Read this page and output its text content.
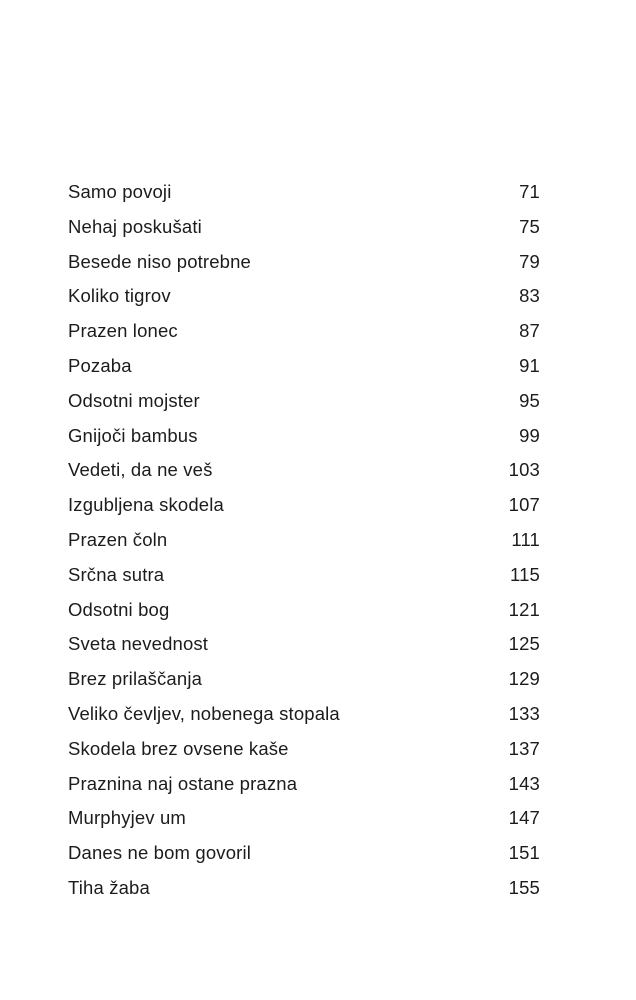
Samo povoji	71
Nehaj poskušati	75
Besede niso potrebne	79
Koliko tigrov	83
Prazen lonec	87
Pozaba	91
Odsotni mojster	95
Gnijoči bambus	99
Vedeti, da ne veš	103
Izgubljena skodela	107
Prazen čoln	111
Srčna sutra	115
Odsotni bog	121
Sveta nevednost	125
Brez prilaščanja	129
Veliko čevljev, nobenega stopala	133
Skodela brez ovsene kaše	137
Praznina naj ostane prazna	143
Murphyjev um	147
Danes ne bom govoril	151
Tiha žaba	155
